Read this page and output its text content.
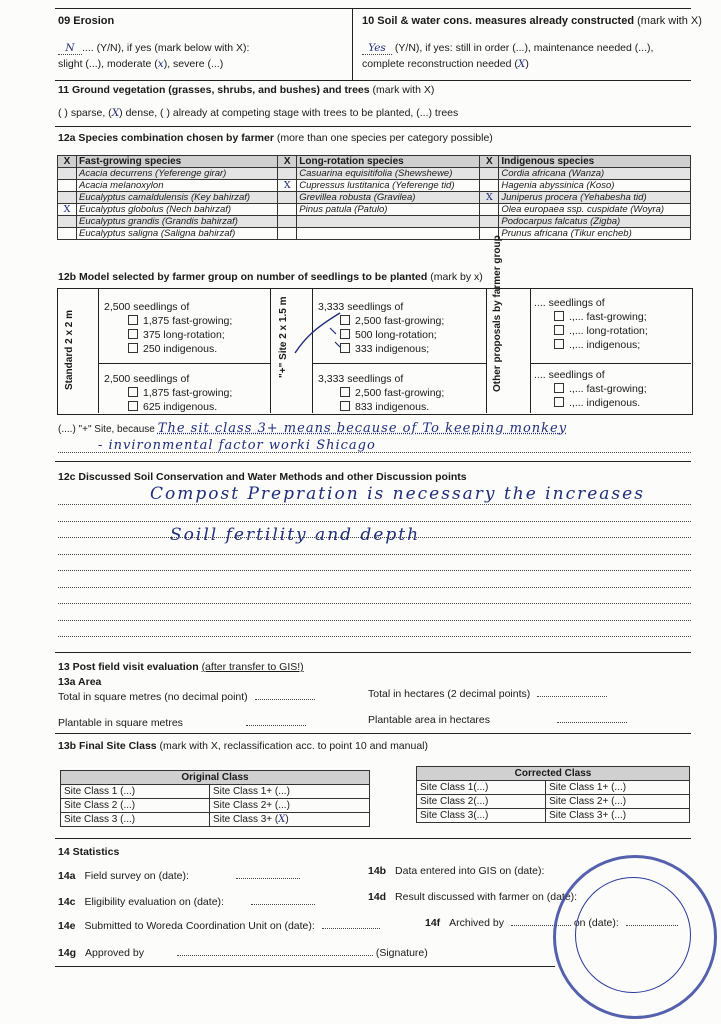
09 Erosion
N .... (Y/N), if yes (mark below with X):
slight (...), moderate (x), severe (...)
10 Soil & water cons. measures already constructed (mark with X)
Yes (Y/N), if yes: still in order (...), maintenance needed (...),
complete reconstruction needed (X)
11 Ground vegetation (grasses, shrubs, and bushes) and trees (mark with X)
( ) sparse, (X) dense, ( ) already at competing stage with trees to be planted, (...) trees
12a Species combination chosen by farmer (more than one species per category possible)
X	Fast-growing species	X	Long-rotation species	X	Indigenous species
	Acacia decurrens (Yeferenge girar)		Casuarina equisitifolia (Shewshewe)		Cordia africana (Wanza)
	Acacia melanoxylon	X	Cupressus lustitanica (Yeferenge tid)		Hagenia abyssinica (Koso)
	Eucalyptus camaldulensis (Key bahirzaf)		Grevillea robusta (Gravilea)	X	Juniperus procera (Yehabesha tid)
X	Eucalyptus globolus (Nech bahirzaf)		Pinus patula (Patulo)		Olea europaea ssp. cuspidate (Woyra)
	Eucalyptus grandis (Grandis bahirzaf)				Podocarpus falcatus (Zigba)
	Eucalyptus saligna (Saligna bahirzaf)				Prunus africana (Tikur encheb)
12b Model selected by farmer group on number of seedlings to be planted (mark by x)
Standard 2 x 2 m	"+" Site 2 x 1.5 m	Other proposals by farmer group
2,500 seedlings of
1,875 fast-growing;
375 long-rotation;
250 indigenous.
2,500 seedlings of
1,875 fast-growing;
625 indigenous.
3,333 seedlings of
2,500 fast-growing;
500 long-rotation;
333 indigenous;
3,333 seedlings of
2,500 fast-growing;
833 indigenous.
.... seedlings of
.,... fast-growing;
.,... long-rotation;
.,... indigenous;
.... seedlings of
.,... fast-growing;
.,... indigenous.
(....) "+" Site, because The sit class 3+ means because of To keeping monkey
- invironmental factor worki Shicago
12c Discussed Soil Conservation and Water Methods and other Discussion points
Compost Prepration is necessary the increases
Soill fertility and depth
13 Post field visit evaluation (after transfer to GIS!)
13a Area
Total in square metres (no decimal point)	Total in hectares (2 decimal points)
Plantable in square metres	Plantable area in hectares
13b Final Site Class (mark with X, reclassification acc. to point 10 and manual)
Original Class	
Site Class 1 (...)	Site Class 1+ (...)
Site Class 2 (...)	Site Class 2+ (...)
Site Class 3 (...)	Site Class 3+ (X)
Corrected Class	
Site Class 1(...)	Site Class 1+ (...)
Site Class 2(...)	Site Class 2+ (...)
Site Class 3(...)	Site Class 3+ (...)
14 Statistics
14a Field survey on (date):	14b Data entered into GIS on (date):
14c Eligibility evaluation on (date):	14d Result discussed with farmer on (date):
14e Submitted to Woreda Coordination Unit on (date):	14f Archived by	on (date):
14g Approved by	(Signature)
